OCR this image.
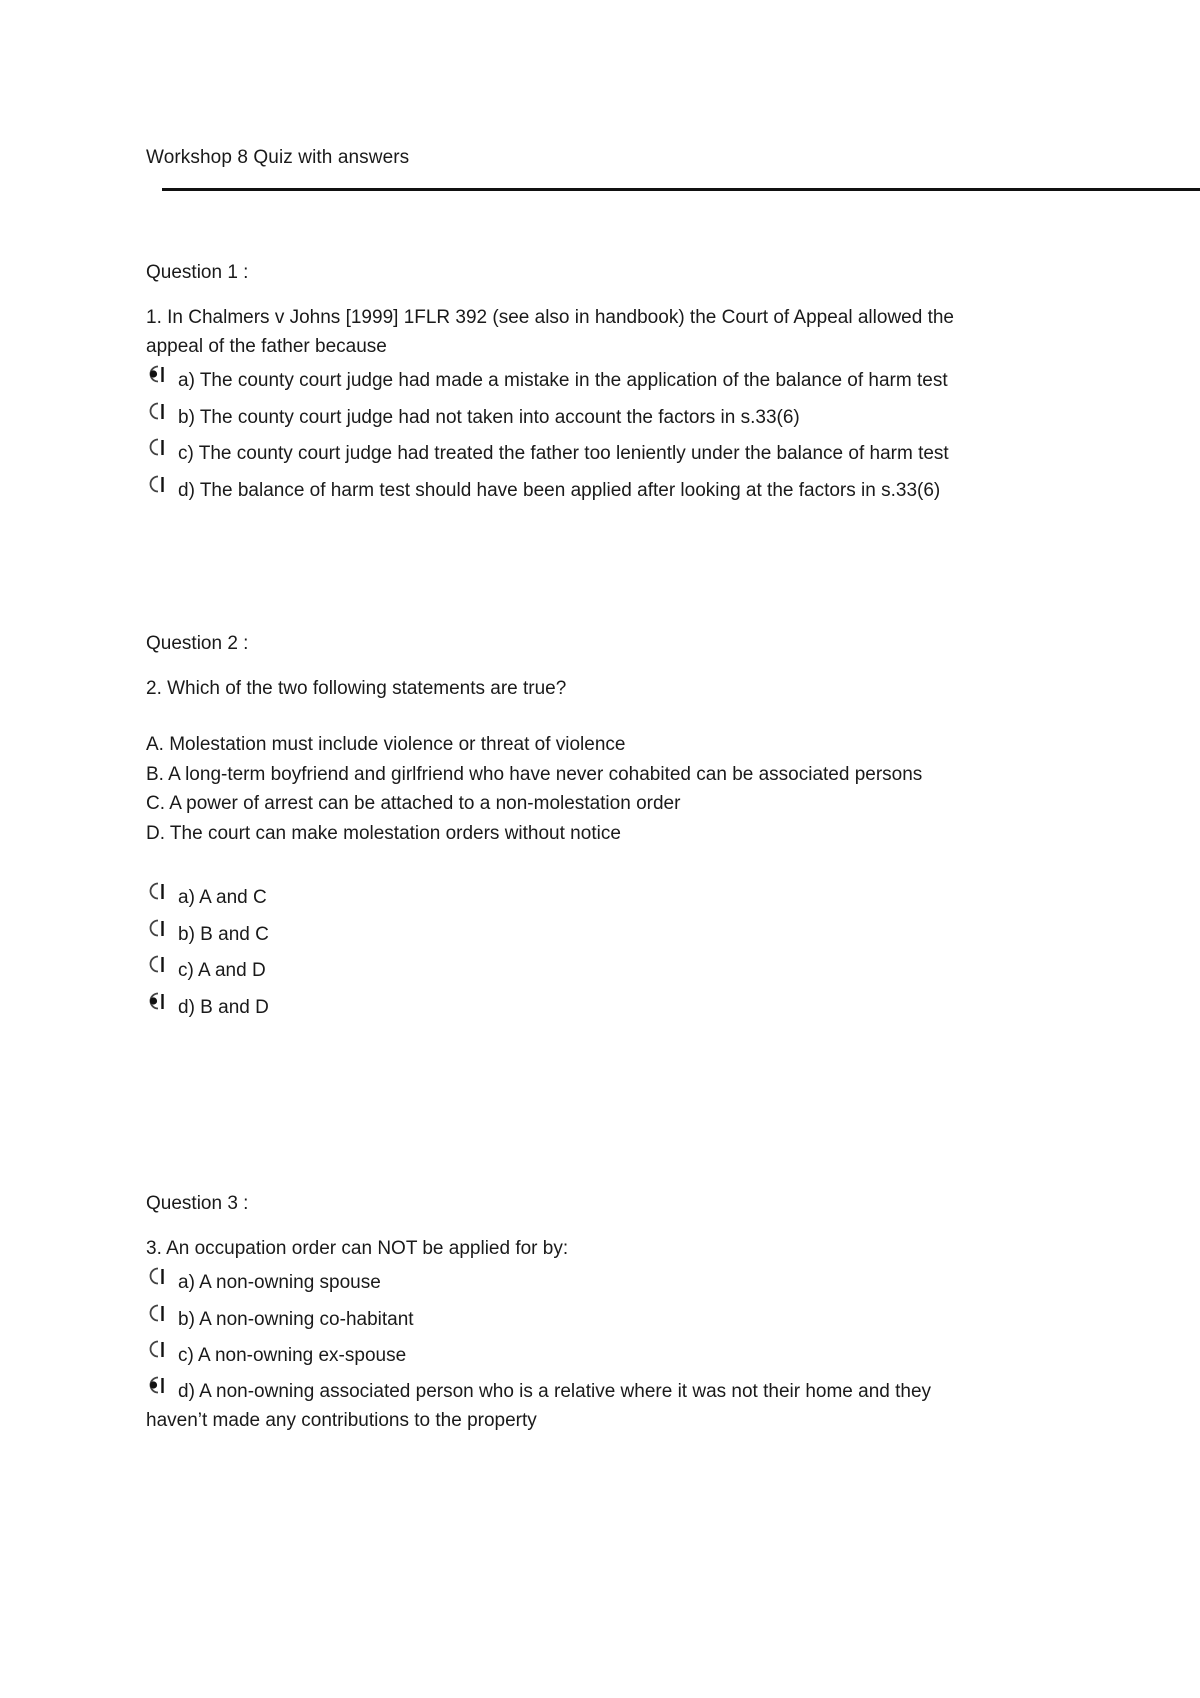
Workshop 8 Quiz with answers

Question 1 :

1. In Chalmers v Johns [1999] 1FLR 392 (see also in handbook) the Court of Appeal allowed the
appeal of the father because

a) The county court judge had made a mistake in the application of the balance of harm test
b) The county court judge had not taken into account the factors in s.33(6)
c) The county court judge had treated the father too leniently under the balance of harm test
d) The balance of harm test should have been applied after looking at the factors in s.33(6)

Question 2 :

2. Which of the two following statements are true?

A. Molestation must include violence or threat of violence

B. A long-term boyfriend and girlfriend who have never cohabited can be associated persons

C. A power of arrest can be attached to a non-molestation order

D. The court can make molestation orders without notice

a) A and C
b) B and C
c) A and D
d) B and D

Question 3 :

3. An occupation order can NOT be applied for by:

a) A non-owning spouse
b) A non-owning co-habitant
c) A non-owning ex-spouse
d) A non-owning associated person who is a relative where it was not their home and they
haven’t made any contributions to the property
